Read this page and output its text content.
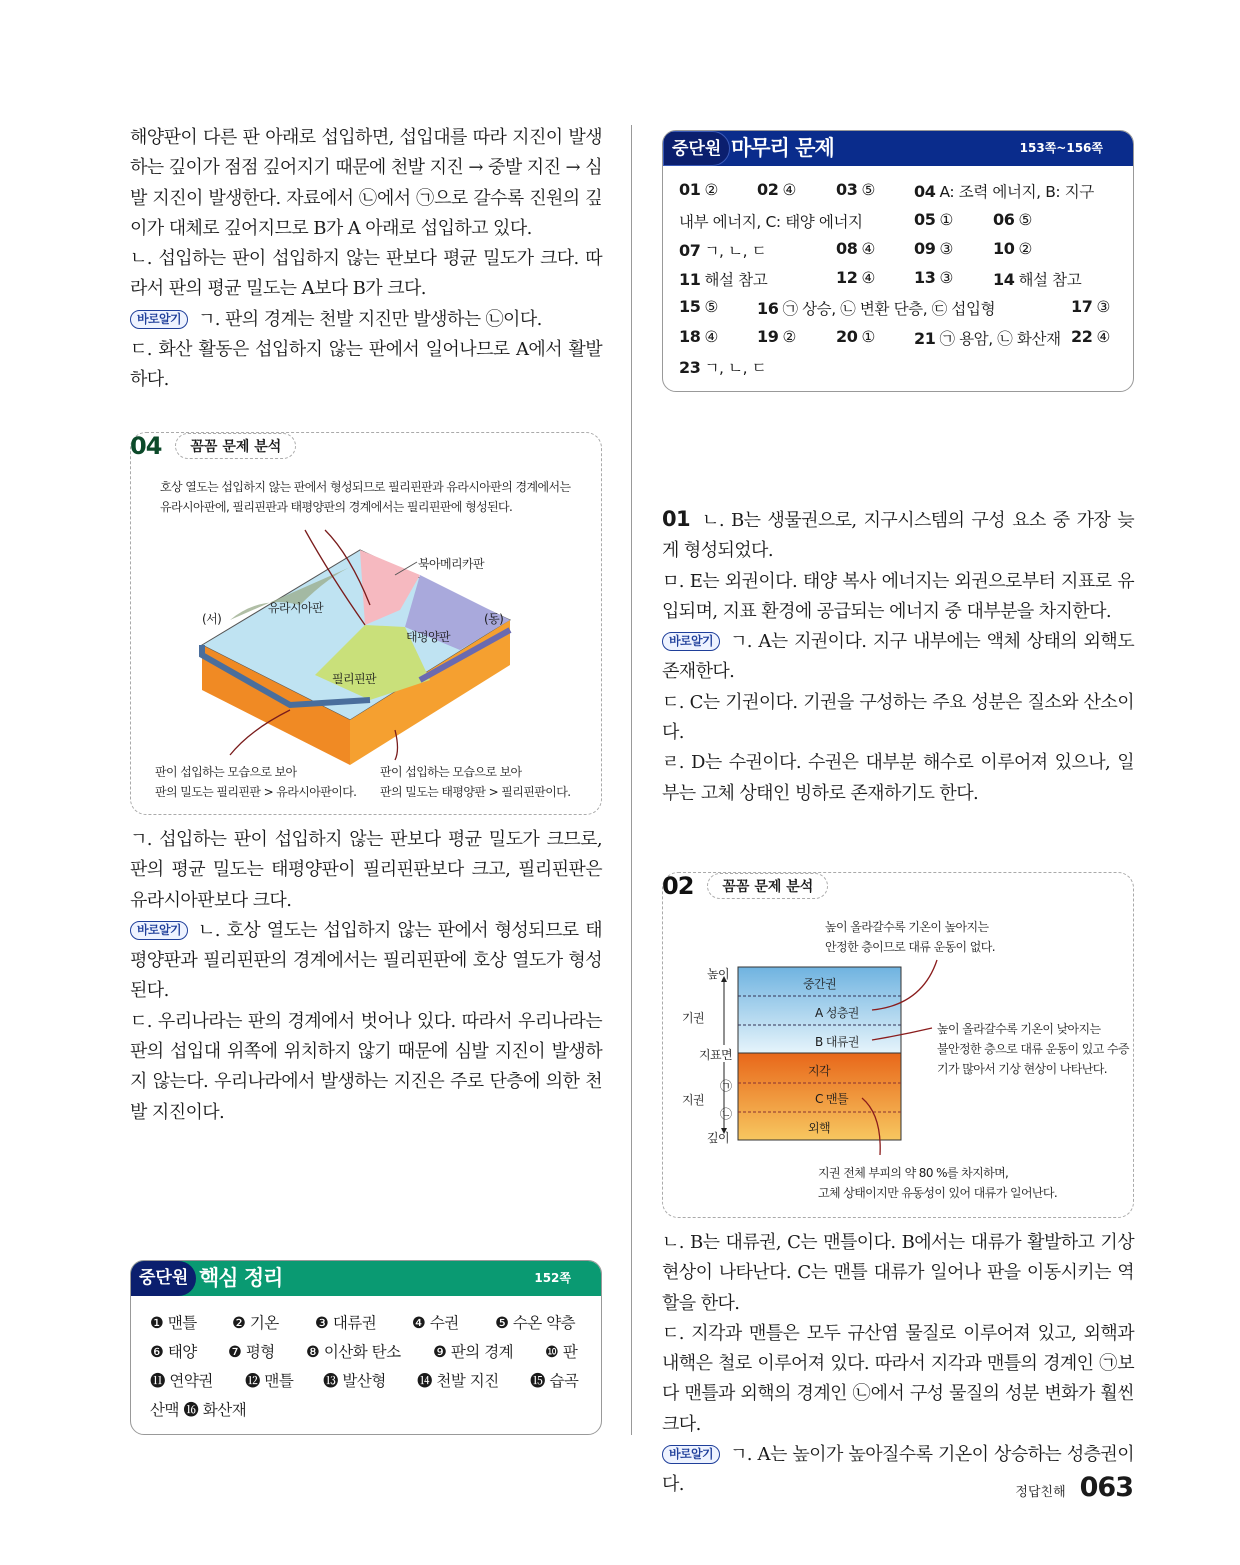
해양판이 다른 판 아래로 섭입하면, 섭입대를 따라 지진이 발생하는 깊이가 점점 깊어지기 때문에 천발 지진 → 중발 지진 → 심발 지진이 발생한다. 자료에서 ㉡에서 ㉠으로 갈수록 진원의 깊이가 대체로 깊어지므로 B가 A 아래로 섭입하고 있다.

ㄴ. 섭입하는 판이 섭입하지 않는 판보다 평균 밀도가 크다. 따라서 판의 평균 밀도는 A보다 B가 크다.

바로알기 ㄱ. 판의 경계는 천발 지진만 발생하는 ㉡이다.

ㄷ. 화산 활동은 섭입하지 않는 판에서 일어나므로 A에서 활발하다.

04	꼼꼼 문제 분석
호상 열도는 섭입하지 않는 판에서 형성되므로 필리핀판과 유라시아판의 경계에서는
유라시아판에, 필리핀판과 태평양판의 경계에서는 필리핀판에 형성된다.
북아메리카판
(서)	(동)
유라시아판
태평양판
필리핀판
판이 섭입하는 모습으로 보아
판의 밀도는 필리핀판 > 유라시아판이다.
판이 섭입하는 모습으로 보아
판의 밀도는 태평양판 > 필리핀판이다.

ㄱ. 섭입하는 판이 섭입하지 않는 판보다 평균 밀도가 크므로, 판의 평균 밀도는 태평양판이 필리핀판보다 크고, 필리핀판은 유라시아판보다 크다.

바로알기 ㄴ. 호상 열도는 섭입하지 않는 판에서 형성되므로 태평양판과 필리핀판의 경계에서는 필리핀판에 호상 열도가 형성된다.

ㄷ. 우리나라는 판의 경계에서 벗어나 있다. 따라서 우리나라는 판의 섭입대 위쪽에 위치하지 않기 때문에 심발 지진이 발생하지 않는다. 우리나라에서 발생하는 지진은 주로 단층에 의한 천발 지진이다.

중단원 핵심 정리	152쪽
❶ 맨틀 ❷ 기온 ❸ 대류권 ❹ 수권 ❺ 수온 약층
❻ 태양 ❼ 평형 ❽ 이산화 탄소 ❾ 판의 경계 ❿ 판
⓫ 연약권 ⓬ 맨틀 ⓭ 발산형 ⓮ 천발 지진 ⓯ 습곡
산맥 ⓰ 화산재
중단원 마무리 문제	153쪽~156쪽
01 ② 02 ④	03 ⑤ 04 A: 조력 에너지, B: 지구
내부 에너지, C: 태양 에너지	05 ①	06 ⑤
07 ㄱ, ㄴ, ㄷ	08 ④ 09 ③	10 ②
11 해설 참고	12 ④ 13 ③	14 해설 참고
15 ⑤ 16 ㉠ 상승, ㉡ 변환 단층, ㉢ 섭입형	17 ③
18 ④ 19 ②	20 ① 21 ㉠ 용암, ㉡ 화산재 22 ④
23 ㄱ, ㄴ, ㄷ

01 ㄴ. B는 생물권으로, 지구시스템의 구성 요소 중 가장 늦게 형성되었다.

ㅁ. E는 외권이다. 태양 복사 에너지는 외권으로부터 지표로 유입되며, 지표 환경에 공급되는 에너지 중 대부분을 차지한다.

바로알기 ㄱ. A는 지권이다. 지구 내부에는 액체 상태의 외핵도 존재한다.

ㄷ. C는 기권이다. 기권을 구성하는 주요 성분은 질소와 산소이다.

ㄹ. D는 수권이다. 수권은 대부분 해수로 이루어져 있으나, 일부는 고체 상태인 빙하로 존재하기도 한다.

02	꼼꼼 문제 분석
높이 올라갈수록 기온이 높아지는
안정한 층이므로 대류 운동이 없다.
높이
기권
지표면
지권
깊이
㉠
㉡
중간권
A 성층권
B 대류권
지각
C 맨틀
외핵
높이 올라갈수록 기온이 낮아지는
불안정한 층으로 대류 운동이 있고 수증
기가 많아서 기상 현상이 나타난다.
지권 전체 부피의 약 80 %를 차지하며,
고체 상태이지만 유동성이 있어 대류가 일어난다.

ㄴ. B는 대류권, C는 맨틀이다. B에서는 대류가 활발하고 기상 현상이 나타난다. C는 맨틀 대류가 일어나 판을 이동시키는 역할을 한다.

ㄷ. 지각과 맨틀은 모두 규산염 물질로 이루어져 있고, 외핵과 내핵은 철로 이루어져 있다. 따라서 지각과 맨틀의 경계인 ㉠보다 맨틀과 외핵의 경계인 ㉡에서 구성 물질의 성분 변화가 훨씬 크다.

바로알기 ㄱ. A는 높이가 높아질수록 기온이 상승하는 성층권이다.	정답친해 063
